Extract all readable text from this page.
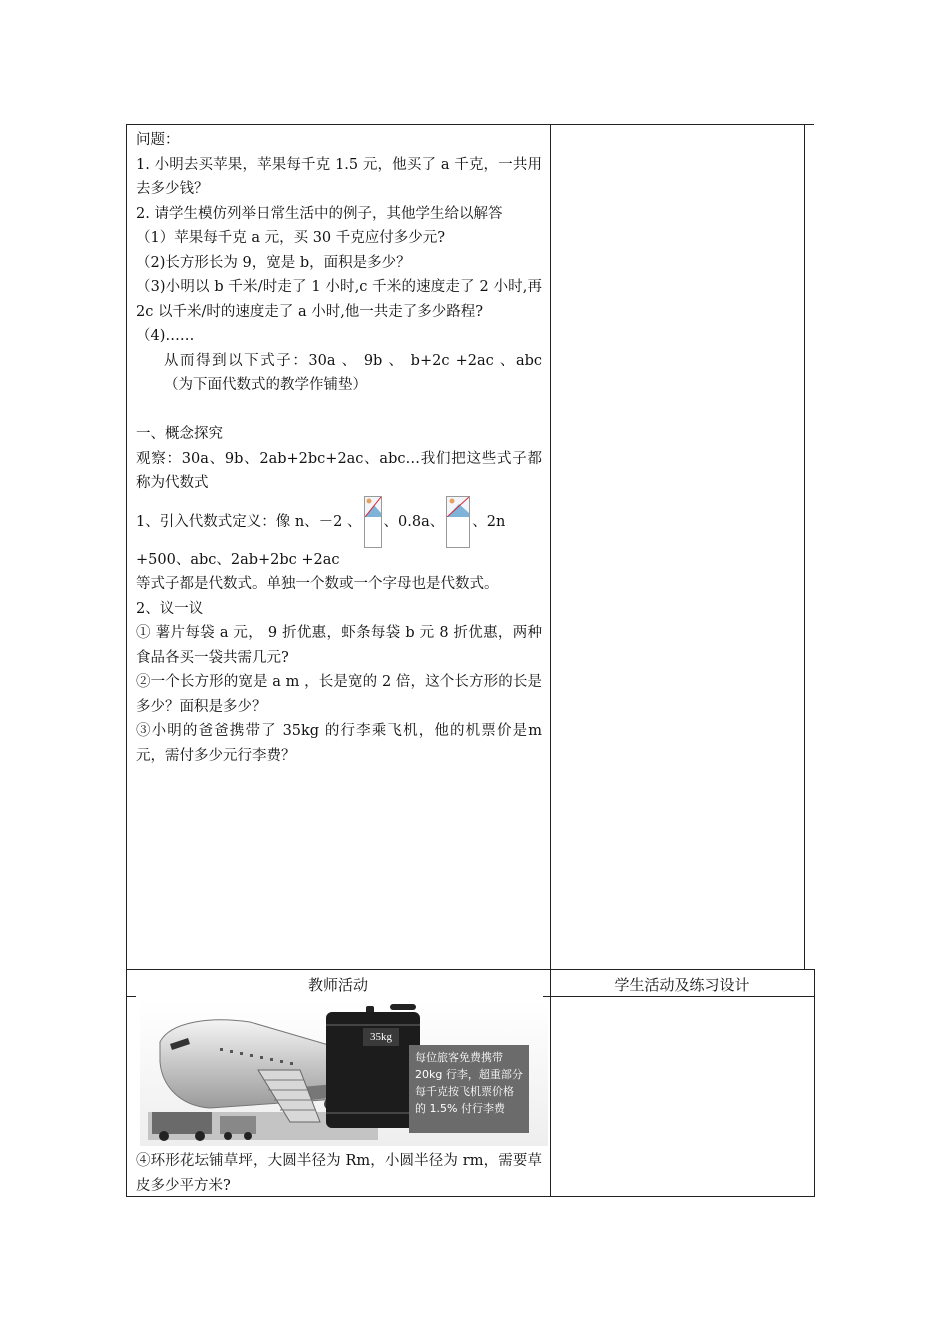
问题：

1. 小明去买苹果，苹果每千克 1.5 元，他买了 a 千克，一共用去多少钱？

2. 请学生模仿列举日常生活中的例子，其他学生给以解答

（1）苹果每千克 a 元，买 30 千克应付多少元?

（2)长方形长为 9，宽是 b，面积是多少？

（3)小明以 b 千米/时走了 1 小时,c 千米的速度走了 2 小时,再 2c 以千米/时的速度走了 a 小时,他一共走了多少路程?

（4)……

从而得到以下式子：30a 、 9b 、 b+2c +2ac 、abc（为下面代数式的教学作铺垫）

一、概念探究

观察：30a、9b、2ab+2bc+2ac、abc…我们把这些式子都称为代数式

1、引入代数式定义：像 n、－2 、 、0.8a、 、2n

+500、abc、2ab+2bc +2ac

等式子都是代数式。单独一个数或一个字母也是代数式。

2、议一议

① 薯片每袋 a 元， 9 折优惠，虾条每袋 b 元 8 折优惠，两种食品各买一袋共需几元?

②一个长方形的宽是 a m ，长是宽的 2 倍，这个长方形的长是多少？面积是多少？

③小明的爸爸携带了 35kg 的行李乘飞机，他的机票价是m 元，需付多少元行李费？

教师活动	学生活动及练习设计
35kg
每位旅客免费携带 20kg 行李，超重部分每千克按飞机票价格的 1.5% 付行李费

④环形花坛铺草坪，大圆半径为 Rm，小圆半径为 rm，需要草皮多少平方米?
